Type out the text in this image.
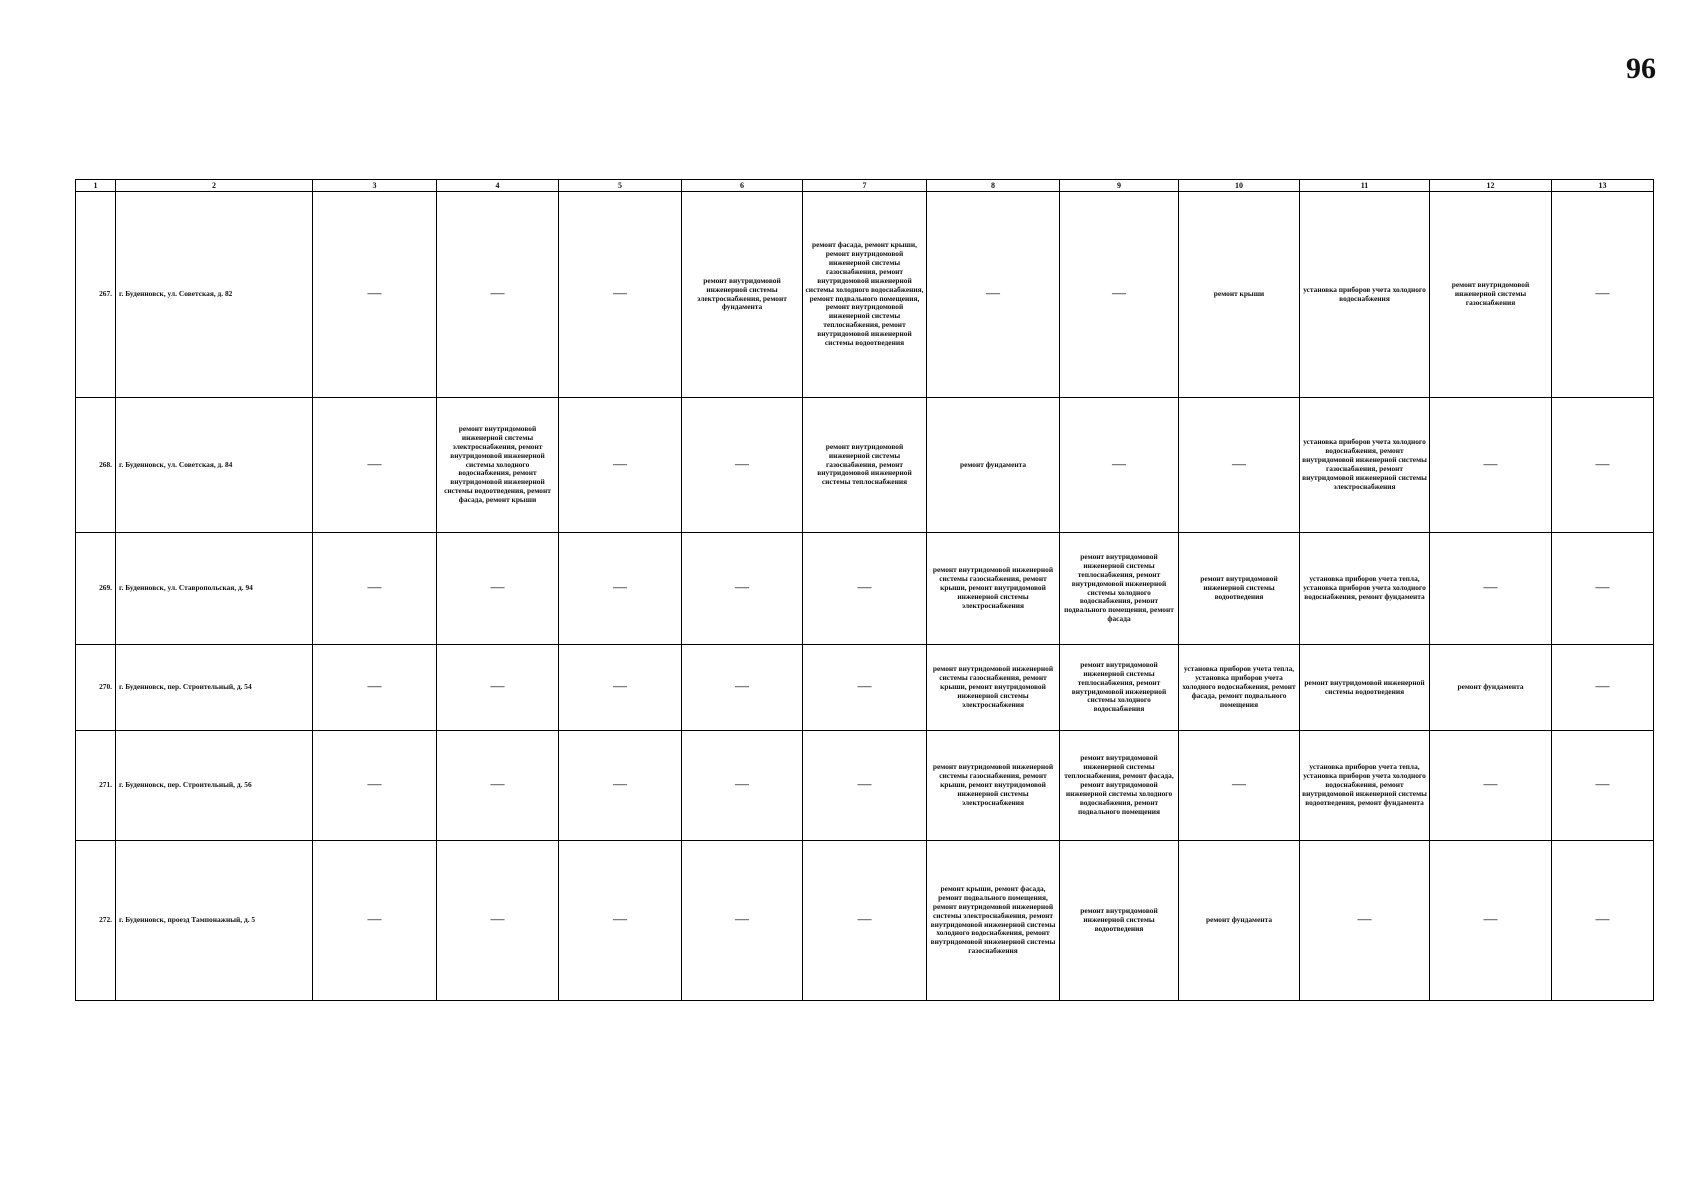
96
1	2	3	4	5	6	7	8	9	10	11	12	13
267.	г. Буденновск, ул. Советская, д. 82	—	—	—	ремонт внутридомовой инженерной системы электроснабжения, ремонт фундамента	ремонт фасада, ремонт крыши, ремонт внутридомовой инженерной системы газоснабжения, ремонт внутридомовой инженерной системы холодного водоснабжения, ремонт подвального помещения, ремонт внутридомовой инженерной системы теплоснабжения, ремонт внутридомовой инженерной системы водоотведения	—	—	ремонт крыши	установка приборов учета холодного водоснабжения	ремонт внутридомовой инженерной системы газоснабжения	—
268.	г. Буденновск, ул. Советская, д. 84	—	ремонт внутридомовой инженерной системы электроснабжения, ремонт внутридомовой инженерной системы холодного водоснабжения, ремонт внутридомовой инженерной системы водоотведения, ремонт фасада, ремонт крыши	—	—	ремонт внутридомовой инженерной системы газоснабжения, ремонт внутридомовой инженерной системы теплоснабжения	ремонт фундамента	—	—	установка приборов учета холодного водоснабжения, ремонт внутридомовой инженерной системы газоснабжения, ремонт внутридомовой инженерной системы электроснабжения	—	—
269.	г. Буденновск, ул. Ставропольская, д. 94	—	—	—	—	—	ремонт внутридомовой инженерной системы газоснабжения, ремонт крыши, ремонт внутридомовой инженерной системы электроснабжения	ремонт внутридомовой инженерной системы теплоснабжения, ремонт внутридомовой инженерной системы холодного водоснабжения, ремонт подвального помещения, ремонт фасада	ремонт внутридомовой инженерной системы водоотведения	установка приборов учета тепла, установка приборов учета холодного водоснабжения, ремонт фундамента	—	—
270.	г. Буденновск, пер. Строительный, д. 54	—	—	—	—	—	ремонт внутридомовой инженерной системы газоснабжения, ремонт крыши, ремонт внутридомовой инженерной системы электроснабжения	ремонт внутридомовой инженерной системы теплоснабжения, ремонт внутридомовой инженерной системы холодного водоснабжения	установка приборов учета тепла, установка приборов учета холодного водоснабжения, ремонт фасада, ремонт подвального помещения	ремонт внутридомовой инженерной системы водоотведения	ремонт фундамента	—
271.	г. Буденновск, пер. Строительный, д. 56	—	—	—	—	—	ремонт внутридомовой инженерной системы газоснабжения, ремонт крыши, ремонт внутридомовой инженерной системы электроснабжения	ремонт внутридомовой инженерной системы теплоснабжения, ремонт фасада, ремонт внутридомовой инженерной системы холодного водоснабжения, ремонт подвального помещения	—	установка приборов учета тепла, установка приборов учета холодного водоснабжения, ремонт внутридомовой инженерной системы водоотведения, ремонт фундамента	—	—
272.	г. Буденновск, проезд Тампонажный, д. 5	—	—	—	—	—	ремонт крыши, ремонт фасада, ремонт подвального помещения, ремонт внутридомовой инженерной системы электроснабжения, ремонт внутридомовой инженерной системы холодного водоснабжения, ремонт внутридомовой инженерной системы газоснабжения	ремонт внутридомовой инженерной системы водоотведения	ремонт фундамента	—	—	—
